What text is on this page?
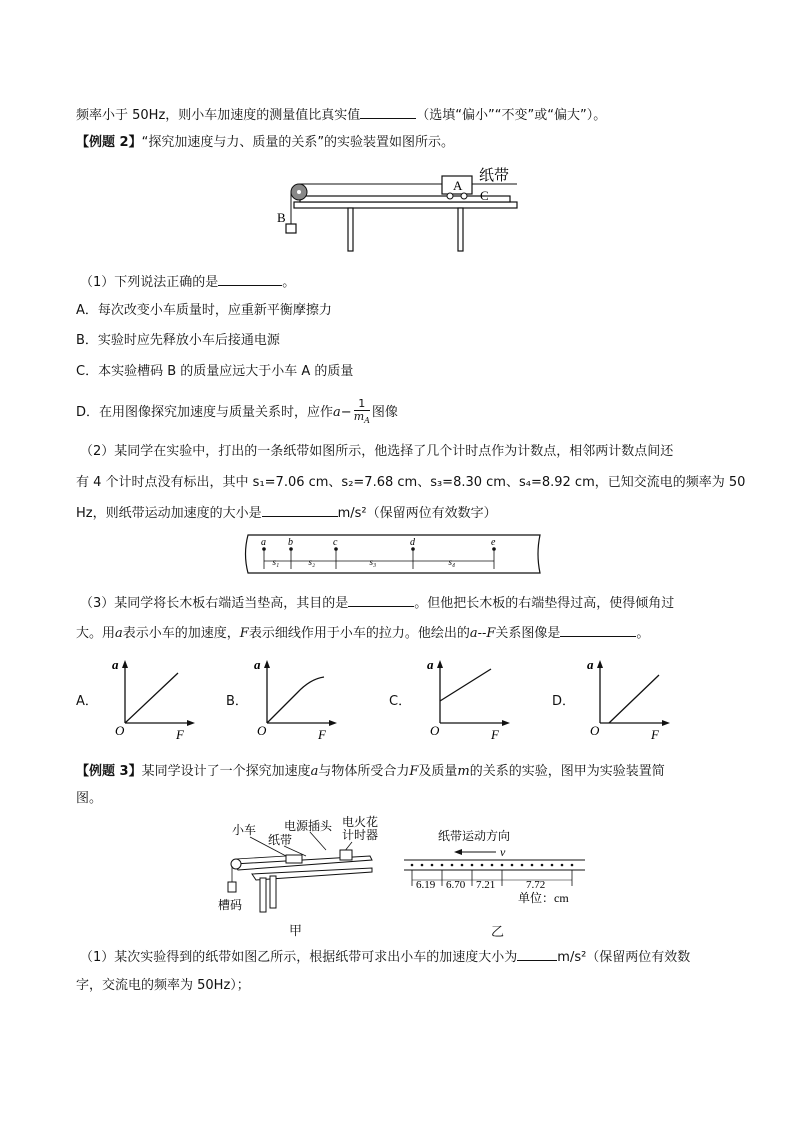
频率小于 50Hz，则小车加速度的测量值比真实值	（选填“偏小”“不变”或“偏大”）。
【例题 2】“探究加速度与力、质量的关系”的实验装置如图所示。
B
A
纸带
C
（1）下列说法正确的是	。
A．每次改变小车质量时，应重新平衡摩擦力
B．实验时应先释放小车后接通电源
C．本实验槽码 B 的质量应远大于小车 A 的质量
D．在用图像探究加速度与质量关系时，应作$a- \frac{1}{m_A}$ 图像
（2）某同学在实验中，打出的一条纸带如图所示，他选择了几个计时点作为计数点，相邻两计数点间还
有 4 个计时点没有标出，其中 s₁=7.06 cm、s₂=7.68 cm、s₃=8.30 cm、s₄=8.92 cm，已知交流电的频率为 50
Hz，则纸带运动加速度的大小是	m/s²（保留两位有效数字）
a b	c	d	e
s₁	s₂	s₃	s₄
（3）某同学将长木板右端适当垫高，其目的是	。但他把长木板的右端垫得过高，使得倾角过
大。用a表示小车的加速度，F表示细线作用于小车的拉力。他绘出的a--F关系图像是	。
A．	B．	C．	D．
a
O	F
a
O	F
a
O	F
a
O	F
【例题 3】某同学设计了一个探究加速度a与物体所受合力F及质量m的关系的实验，图甲为实验装置简
图。
小车
纸带
电源插头 电火花
计时器
槽码
甲
纸带运动方向
v
6.19 6.70 7.21	7.72
单位：cm
乙
（1）某次实验得到的纸带如图乙所示，根据纸带可求出小车的加速度大小为	m/s²（保留两位有效数
字，交流电的频率为 50Hz）；
